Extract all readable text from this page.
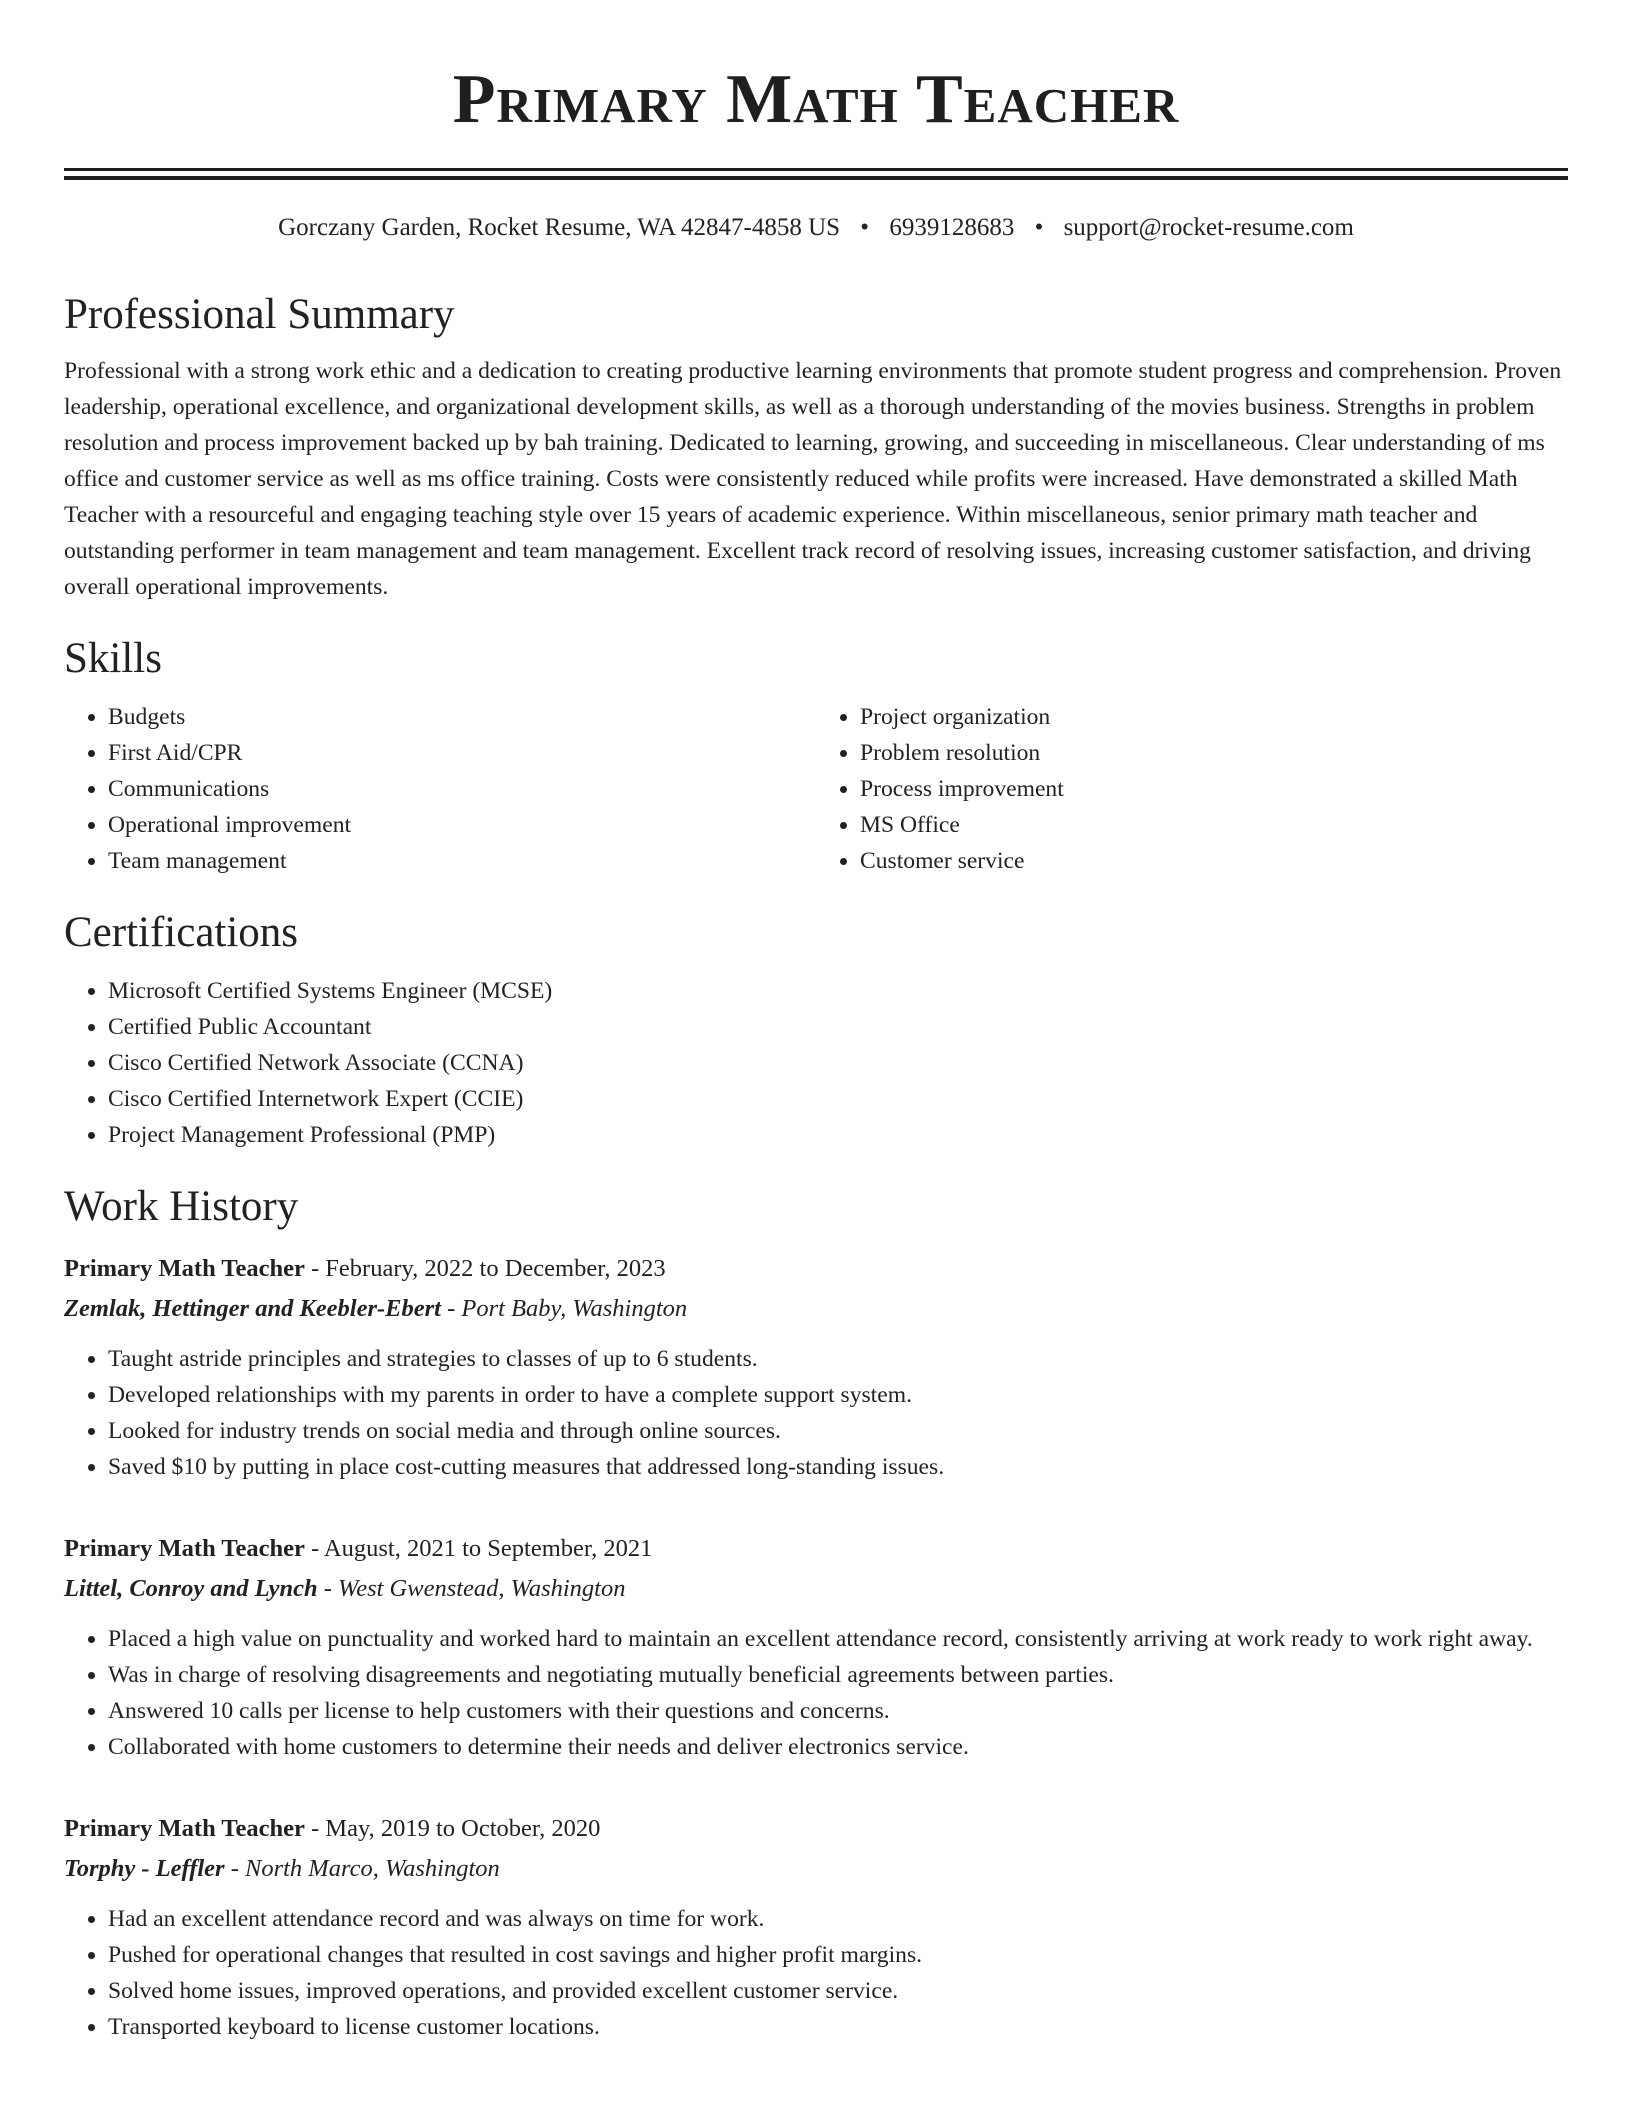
Primary Math Teacher
Gorczany Garden, Rocket Resume, WA 42847-4858 US • 6939128683 • support@rocket-resume.com
Professional Summary

Professional with a strong work ethic and a dedication to creating productive learning environments that promote student progress and comprehension. Proven leadership, operational excellence, and organizational development skills, as well as a thorough understanding of the movies business. Strengths in problem resolution and process improvement backed up by bah training. Dedicated to learning, growing, and succeeding in miscellaneous. Clear understanding of ms office and customer service as well as ms office training. Costs were consistently reduced while profits were increased. Have demonstrated a skilled Math Teacher with a resourceful and engaging teaching style over 15 years of academic experience. Within miscellaneous, senior primary math teacher and outstanding performer in team management and team management. Excellent track record of resolving issues, increasing customer satisfaction, and driving overall operational improvements.

Skills
• Budgets
• First Aid/CPR
• Communications
• Operational improvement
• Team management
• Project organization
• Problem resolution
• Process improvement
• MS Office
• Customer service
Certifications
• Microsoft Certified Systems Engineer (MCSE)
• Certified Public Accountant
• Cisco Certified Network Associate (CCNA)
• Cisco Certified Internetwork Expert (CCIE)
• Project Management Professional (PMP)
Work History
Primary Math Teacher - February, 2022 to December, 2023
Zemlak, Hettinger and Keebler-Ebert - Port Baby, Washington
• Taught astride principles and strategies to classes of up to 6 students.
• Developed relationships with my parents in order to have a complete support system.
• Looked for industry trends on social media and through online sources.
• Saved $10 by putting in place cost-cutting measures that addressed long-standing issues.
Primary Math Teacher - August, 2021 to September, 2021
Littel, Conroy and Lynch - West Gwenstead, Washington
• Placed a high value on punctuality and worked hard to maintain an excellent attendance record, consistently arriving at work ready to work right away.
• Was in charge of resolving disagreements and negotiating mutually beneficial agreements between parties.
• Answered 10 calls per license to help customers with their questions and concerns.
• Collaborated with home customers to determine their needs and deliver electronics service.
Primary Math Teacher - May, 2019 to October, 2020
Torphy - Leffler - North Marco, Washington
• Had an excellent attendance record and was always on time for work.
• Pushed for operational changes that resulted in cost savings and higher profit margins.
• Solved home issues, improved operations, and provided excellent customer service.
• Transported keyboard to license customer locations.
